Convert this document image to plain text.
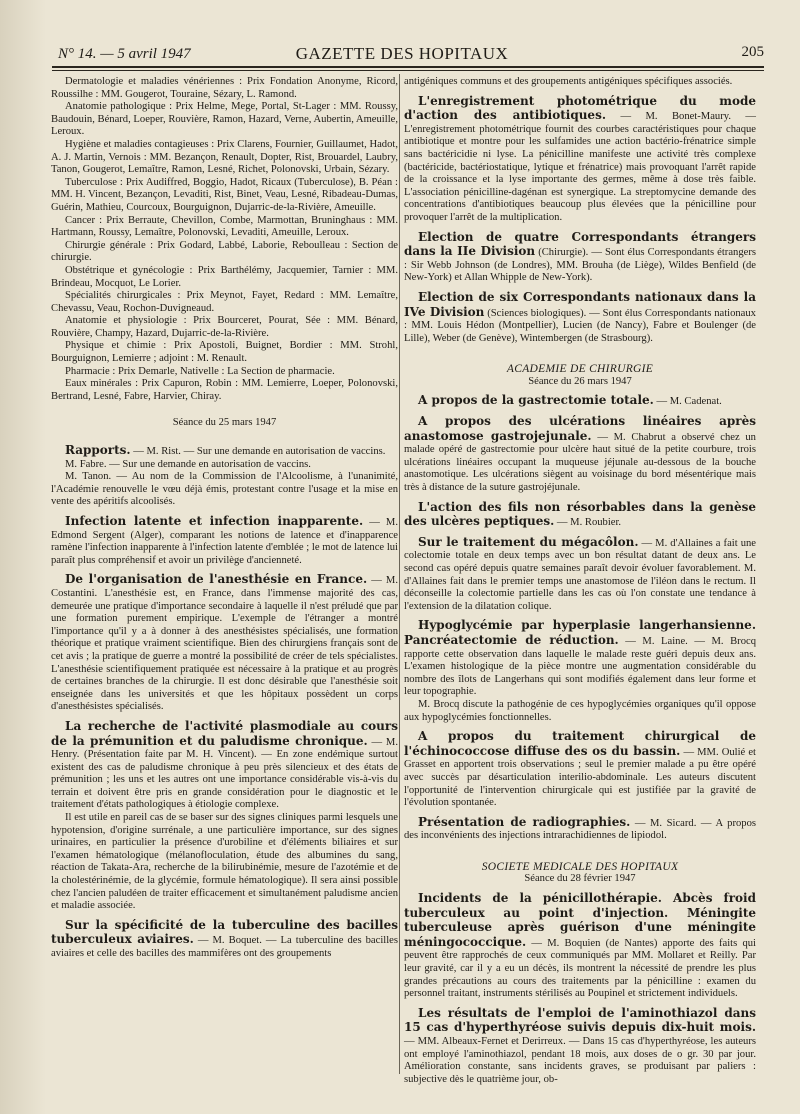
N° 14. — 5 avril 1947	GAZETTE DES HOPITAUX	205

Dermatologie et maladies vénériennes : Prix Fondation Anonyme, Ricord, Roussilhe : MM. Gougerot, Touraine, Sézary, L. Ramond.

Anatomie pathologique : Prix Helme, Mege, Portal, St-Lager : MM. Roussy, Baudouin, Bénard, Loeper, Rouvière, Ramon, Hazard, Verne, Aubertin, Ameuille, Leroux.

Hygiène et maladies contagieuses : Prix Clarens, Fournier, Guillaumet, Hadot, A. J. Martin, Vernois : MM. Bezançon, Renault, Dopter, Rist, Brouardel, Laubry, Tanon, Gougerot, Lemaître, Ramon, Lesné, Richet, Polonovski, Urbain, Sézary.

Tuberculose : Prix Audiffred, Boggio, Hadot, Ricaux (Tuberculose), B. Péan : MM. H. Vincent, Bezançon, Levaditi, Rist, Binet, Veau, Lesné, Ribadeau-Dumas, Guérin, Mathieu, Courcoux, Bourguignon, Dujarric-de-la-Rivière, Ameuille.

Cancer : Prix Berraute, Chevillon, Combe, Marmottan, Bruninghaus : MM. Hartmann, Roussy, Lemaître, Polonovski, Levaditi, Ameuille, Leroux.

Chirurgie générale : Prix Godard, Labbé, Laborie, Reboulleau : Section de chirurgie.

Obstétrique et gynécologie : Prix Barthélémy, Jacquemier, Tarnier : MM. Brindeau, Mocquot, Le Lorier.

Spécialités chirurgicales : Prix Meynot, Fayet, Redard : MM. Lemaître, Chevassu, Veau, Rochon-Duvigneaud.

Anatomie et physiologie : Prix Bourceret, Pourat, Sée : MM. Bénard, Rouvière, Champy, Hazard, Dujarric-de-la-Rivière.

Physique et chimie : Prix Apostoli, Buignet, Bordier : MM. Strohl, Bourguignon, Lemierre ; adjoint : M. Renault.

Pharmacie : Prix Demarle, Nativelle : La Section de pharmacie.

Eaux minérales : Prix Capuron, Robin : MM. Lemierre, Loeper, Polonovski, Bertrand, Lesné, Fabre, Harvier, Chiray.

Séance du 25 mars 1947

Rapports. — M. Rist. — Sur une demande en autorisation de vaccins.

M. Fabre. — Sur une demande en autorisation de vaccins.

M. Tanon. — Au nom de la Commission de l'Alcoolisme, à l'unanimité, l'Académie renouvelle le vœu déjà émis, protestant contre l'usage et la mise en vente des apéritifs alcoolisés.

Infection latente et infection inapparente. — M. Edmond Sergent (Alger), comparant les notions de latence et d'inapparence ramène l'infection inapparente à l'infection latente d'emblée ; le mot de latence lui paraît plus compréhensif et avoir un privilège d'ancienneté.

De l'organisation de l'anesthésie en France. — M. Costantini. L'anesthésie est, en France, dans l'immense majorité des cas, demeurée une pratique d'importance secondaire à laquelle il n'est préludé que par une formation purement empirique. L'exemple de l'étranger a montré l'importance qu'il y a à donner à des anesthésistes spécialisés, une formation théorique et pratique vraiment scientifique. Bien des chirurgiens français sont de cet avis ; la pratique de guerre a montré la possibilité de créer de tels spécialistes. L'anesthésie scientifiquement pratiquée est nécessaire à la pratique et au progrès de certaines branches de la chirurgie. Il est donc désirable que l'anesthésie soit enseignée dans les universités et que les hôpitaux possèdent un corps d'anesthésistes spécialisés.

La recherche de l'activité plasmodiale au cours de la prémunition et du paludisme chronique. — M. Henry. (Présentation faite par M. H. Vincent). — En zone endémique surtout existent des cas de paludisme chronique à peu près silencieux et des états de prémunition ; les uns et les autres ont une importance considérable vis-à-vis du terrain et doivent être pris en grande considération pour le diagnostic et le traitement d'états pathologiques à étiologie complexe.

Il est utile en pareil cas de se baser sur des signes cliniques parmi lesquels une hypotension, d'origine surrénale, a une particulière importance, sur des signes urinaires, en particulier la présence d'urobiline et d'éléments biliaires et sur l'examen hématologique (mélanofloculation, étude des albumines du sang, réaction de Takata-Ara, recherche de la bilirubinémie, mesure de l'azotémie et de la cholestérinémie, de la glycémie, formule hématologique). Il sera ainsi possible chez l'ancien paludéen de traiter efficacement et simultanément paludisme ancien et maladie associée.

Sur la spécificité de la tuberculine des bacilles tuberculeux aviaires. — M. Boquet. — La tuberculine des bacilles aviaires et celle des bacilles des mammifères ont des groupements

antigéniques communs et des groupements antigéniques spécifiques associés.

L'enregistrement photométrique du mode d'action des antibiotiques. — M. Bonet-Maury. — L'enregistrement photométrique fournit des courbes caractéristiques pour chaque antibiotique et montre pour les sulfamides une action bactério-frénatrice simple sans bactéricidie ni lyse. La pénicilline manifeste une activité très complexe (bactéricide, bactériostatique, lytique et frénatrice) mais provoquant l'arrêt rapide de la croissance et la lyse importante des germes, même à dose très faible. L'association pénicilline-dagénan est synergique. La streptomycine demande des concentrations d'antibiotiques beaucoup plus élevées que la pénicilline pour provoquer l'arrêt de la multiplication.

Election de quatre Correspondants étrangers dans la IIe Division (Chirurgie). — Sont élus Correspondants étrangers : Sir Webb Johnson (de Londres), MM. Brouha (de Liège), Wildes Benfield (de New-York) et Allan Whipple de New-York).

Election de six Correspondants nationaux dans la IVe Division (Sciences biologiques). — Sont élus Correspondants nationaux : MM. Louis Hédon (Montpellier), Lucien (de Nancy), Fabre et Boulenger (de Lille), Weber (de Genève), Wintembergen (de Strasbourg).

ACADEMIE DE CHIRURGIE

Séance du 26 mars 1947

A propos de la gastrectomie totale. — M. Cadenat.

A propos des ulcérations linéaires après anastomose gastrojejunale. — M. Chabrut a observé chez un malade opéré de gastrectomie pour ulcère haut situé de la petite courbure, trois ulcérations linéaires occupant la muqueuse jéjunale au-dessous de la bouche anastomotique. Les ulcérations siègent au voisinage du bord mésentérique mais très à distance de la suture gastrojéjunale.

L'action des fils non résorbables dans la genèse des ulcères peptiques. — M. Roubier.

Sur le traitement du mégacôlon. — M. d'Allaines a fait une colectomie totale en deux temps avec un bon résultat datant de deux ans. Le second cas opéré depuis quatre semaines paraît devoir évoluer favorablement. M. d'Allaines fait dans le premier temps une anastomose de l'iléon dans le rectum. Il déconseille la colectomie partielle dans les cas où l'on constate une tendance à l'extension de la dilatation colique.

Hypoglycémie par hyperplasie langerhansienne. Pancréatectomie de réduction. — M. Laine. — M. Brocq rapporte cette observation dans laquelle le malade reste guéri depuis deux ans. L'examen histologique de la pièce montre une augmentation considérable du nombre des îlots de Langerhans qui sont modifiés également dans leur forme et leur topographie.

M. Brocq discute la pathogénie de ces hypoglycémies organiques qu'il oppose aux hypoglycémies fonctionnelles.

A propos du traitement chirurgical de l'échinococcose diffuse des os du bassin. — MM. Oulié et Grasset en apportent trois observations ; seul le premier malade a pu être opéré avec succès par désarticulation interilio-abdominale. Les auteurs discutent l'opportunité de l'intervention chirurgicale qui est justifiée par la gravité de l'évolution spontanée.

Présentation de radiographies. — M. Sicard. — A propos des inconvénients des injections intrarachidiennes de lipiodol.

SOCIETE MEDICALE DES HOPITAUX

Séance du 28 février 1947

Incidents de la pénicillothérapie. Abcès froid tuberculeux au point d'injection. Méningite tuberculeuse après guérison d'une méningite méningococcique. — M. Boquien (de Nantes) apporte des faits qui peuvent être rapprochés de ceux communiqués par MM. Mollaret et Reilly. Par leur gravité, car il y a eu un décès, ils montrent la nécessité de prendre les plus grandes précautions au cours des traitements par la pénicilline : examen du personnel traitant, instruments stérilisés au Poupinel et strictement individuels.

Les résultats de l'emploi de l'aminothiazol dans 15 cas d'hyperthyréose suivis depuis dix-huit mois. — MM. Albeaux-Fernet et Derirreux. — Dans 15 cas d'hyperthyréose, les auteurs ont employé l'aminothiazol, pendant 18 mois, aux doses de o gr. 30 par jour. Amélioration constante, sans incidents graves, se produisant par paliers : subjective dès le quatrième jour, ob-
